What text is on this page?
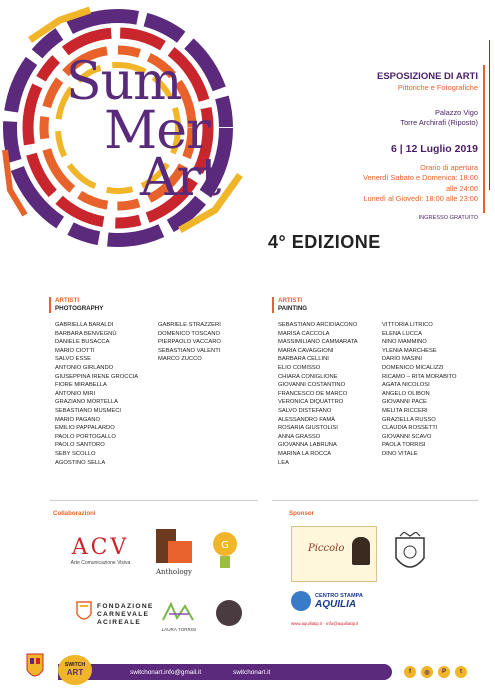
Sum
Mer
Art
4° EDIZIONE
ESPOSIZIONE DI ARTI
Pittoriche e Fotografiche
Palazzo Vigo
Torre Archirafi (Riposto)
6 | 12 Luglio 2019
Orario di apertura
Venerdì Sabato e Domenica: 18:00 alle 24:00
Lunedì al Giovedì: 18:00 alle 23:00
INGRESSO GRATUITO
ARTISTI
PHOTOGRAPHY
GABRIELLA BARALDI
BARBARA BENVEGNÙ
DANIELE BUSACCA
MARIO CIOTTI
SALVO ESSE
ANTONIO GIRLANDO
GIUSEPPINA IRENE GROCCIA
FIORE MIRABELLA
ANTONIO MIRI
GRAZIANO MORTELLA
SEBASTIANO MUSMECI
MARIO PAGANO
EMILIO PAPPALARDO
PAOLO PORTOGALLO
PAOLO SANTORO
SEBY SCOLLO
AGOSTINO SELLA
GABRIELE STRAZZERI
DOMENICO TOSCANO
PIERPAOLO VACCARO
SEBASTIANO VALENTI
MARCO ZUCCO
ARTISTI
PAINTING
SEBASTIANO ARCIDIACONO
MARISA CACCOLA
MASSIMILIANO CAMMARATA
MARIA CAVAGGIONI
BARBARA CELLINI
ELIO COMISSO
CHIARA CONIGLIONE
GIOVANNI COSTANTINO
FRANCESCO DE MARCO
VERONICA DIQUATTRO
SALVO DISTEFANO
ALESSANDRO FAMÀ
ROSARIA GIUSTOLISI
ANNA GRASSO
GIOVANNA LABRUNA
MARINA LA ROCCA
LEA
VITTORIA LITRICO
ELENA LUCCA
NINO MAMMINO
YLENIA MARCHESE
DARIO MASINI
DOMENICO MICALIZZI
RICAMO – RITA MORABITO
AGATA NICOLOSI
ANGELO OLIBON
GIOVANNI PACE
MELITA RICCERI
GRAZIELLA RUSSO
CLAUDIA ROSSETTI
GIOVANNI SCAVO
PAOLA TORRISI
DINO VITALE
Collaborazioni
ACV
Arte Comunicazione Visiva
Anthology
G
FONDAZIONE
CARNEVALE
ACIREALE
LAURA TORRISI
Sponsor
Piccolo
CENTRO STAMPA
AQUILIA
www.aquiliatip.it - info@aquiliatip.it
SWITCH
ART	switchonart.info@gmail.it	switchonart.it	f	◎	P	t
